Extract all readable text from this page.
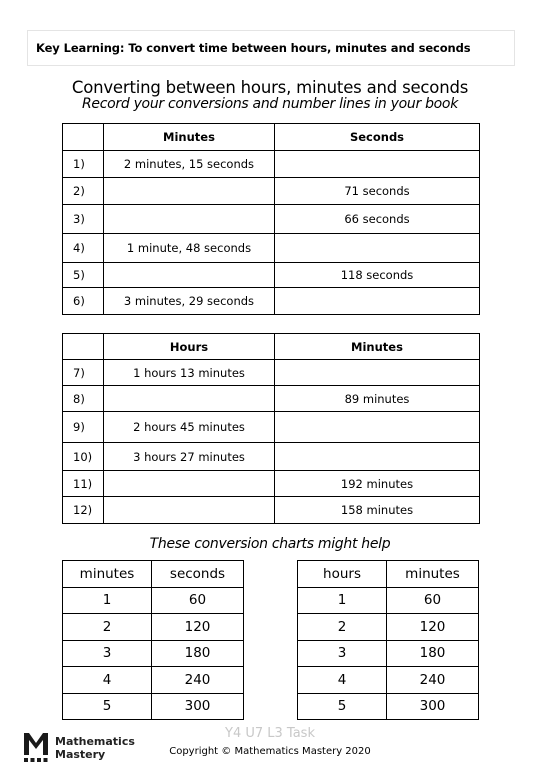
Key Learning: To convert time between hours, minutes and seconds
Converting between hours, minutes and seconds
Record your conversions and number lines in your book
	Minutes	Seconds
1)	2 minutes, 15 seconds	
2)		71 seconds
3)		66 seconds
4)	1 minute, 48 seconds	
5)		118 seconds
6)	3 minutes, 29 seconds	
	Hours	Minutes
7)	1 hours 13 minutes	
8)		89 minutes
9)	2 hours 45 minutes	
10)	3 hours 27 minutes	
11)		192 minutes
12)		158 minutes
These conversion charts might help
minutes	seconds
1	60
2	120
3	180
4	240
5	300
hours	minutes
1	60
2	120
3	180
4	240
5	300
Mathematics
Mastery
Y4 U7 L3 Task
Copyright © Mathematics Mastery 2020
